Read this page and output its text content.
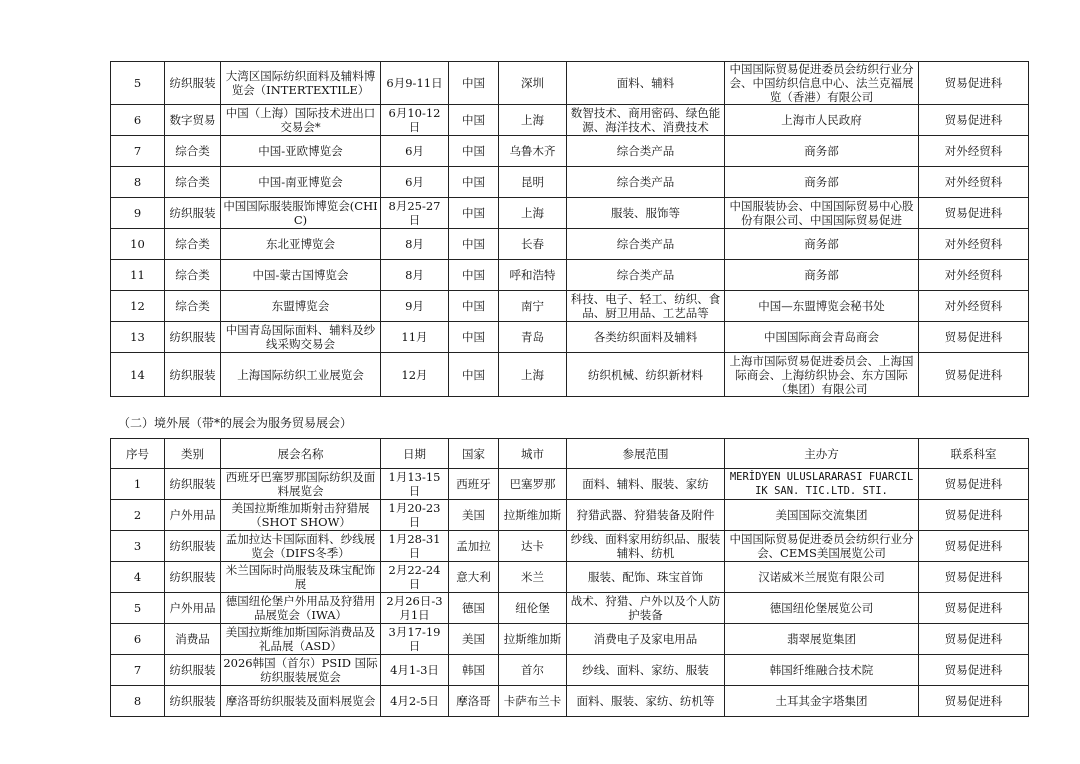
5	纺织服装	大湾区国际纺织面料及辅料博览会（INTERTEXTILE）	6月9-11日	中国	深圳	面料、辅料	中国国际贸易促进委员会纺织行业分会、中国纺织信息中心、法兰克福展览（香港）有限公司	贸易促进科
6	数字贸易	中国（上海）国际技术进出口交易会*	6月10-12日	中国	上海	数智技术、商用密码、绿色能源、海洋技术、消费技术	上海市人民政府	贸易促进科
7	综合类	中国-亚欧博览会	6月	中国	乌鲁木齐	综合类产品	商务部	对外经贸科
8	综合类	中国-南亚博览会	6月	中国	昆明	综合类产品	商务部	对外经贸科
9	纺织服装	中国国际服装服饰博览会(CHIC)	8月25-27日	中国	上海	服装、服饰等	中国服装协会、中国国际贸易中心股份有限公司、中国国际贸易促进	贸易促进科
10	综合类	东北亚博览会	8月	中国	长春	综合类产品	商务部	对外经贸科
11	综合类	中国-蒙古国博览会	8月	中国	呼和浩特	综合类产品	商务部	对外经贸科
12	综合类	东盟博览会	9月	中国	南宁	科技、电子、轻工、纺织、食品、厨卫用品、工艺品等	中国—东盟博览会秘书处	对外经贸科
13	纺织服装	中国青岛国际面料、辅料及纱线采购交易会	11月	中国	青岛	各类纺织面料及辅料	中国国际商会青岛商会	贸易促进科
14	纺织服装	上海国际纺织工业展览会	12月	中国	上海	纺织机械、纺织新材料	上海市国际贸易促进委员会、上海国际商会、上海纺织协会、东方国际（集团）有限公司	贸易促进科
（二）境外展（带*的展会为服务贸易展会）
序号	类别	展会名称	日期	国家	城市	参展范围	主办方	联系科室
1	纺织服装	西班牙巴塞罗那国际纺织及面料展览会	1月13-15日	西班牙	巴塞罗那	面料、辅料、服装、家纺	MERİDYEN ULUSLARARASI FUARCILIK SAN. TIC.LTD. STI.	贸易促进科
2	户外用品	美国拉斯维加斯射击狩猎展（SHOT SHOW）	1月20-23日	美国	拉斯维加斯	狩猎武器、狩猎装备及附件	美国国际交流集团	贸易促进科
3	纺织服装	孟加拉达卡国际面料、纱线展览会（DIFS冬季）	1月28-31日	孟加拉	达卡	纱线、面料家用纺织品、服装辅料、纺机	中国国际贸易促进委员会纺织行业分会、CEMS美国展览公司	贸易促进科
4	纺织服装	米兰国际时尚服装及珠宝配饰展	2月22-24日	意大利	米兰	服装、配饰、珠宝首饰	汉诺威米兰展览有限公司	贸易促进科
5	户外用品	德国纽伦堡户外用品及狩猎用品展览会（IWA）	2月26日-3月1日	德国	纽伦堡	战术、狩猎、户外以及个人防护装备	德国纽伦堡展览公司	贸易促进科
6	消费品	美国拉斯维加斯国际消费品及礼品展（ASD）	3月17-19日	美国	拉斯维加斯	消费电子及家电用品	翡翠展览集团	贸易促进科
7	纺织服装	2026韩国（首尔）PSID 国际纺织服装展览会	4月1-3日	韩国	首尔	纱线、面料、家纺、服装	韩国纤维融合技术院	贸易促进科
8	纺织服装	摩洛哥纺织服装及面料展览会	4月2-5日	摩洛哥	卡萨布兰卡	面料、服装、家纺、纺机等	土耳其金字塔集团	贸易促进科
